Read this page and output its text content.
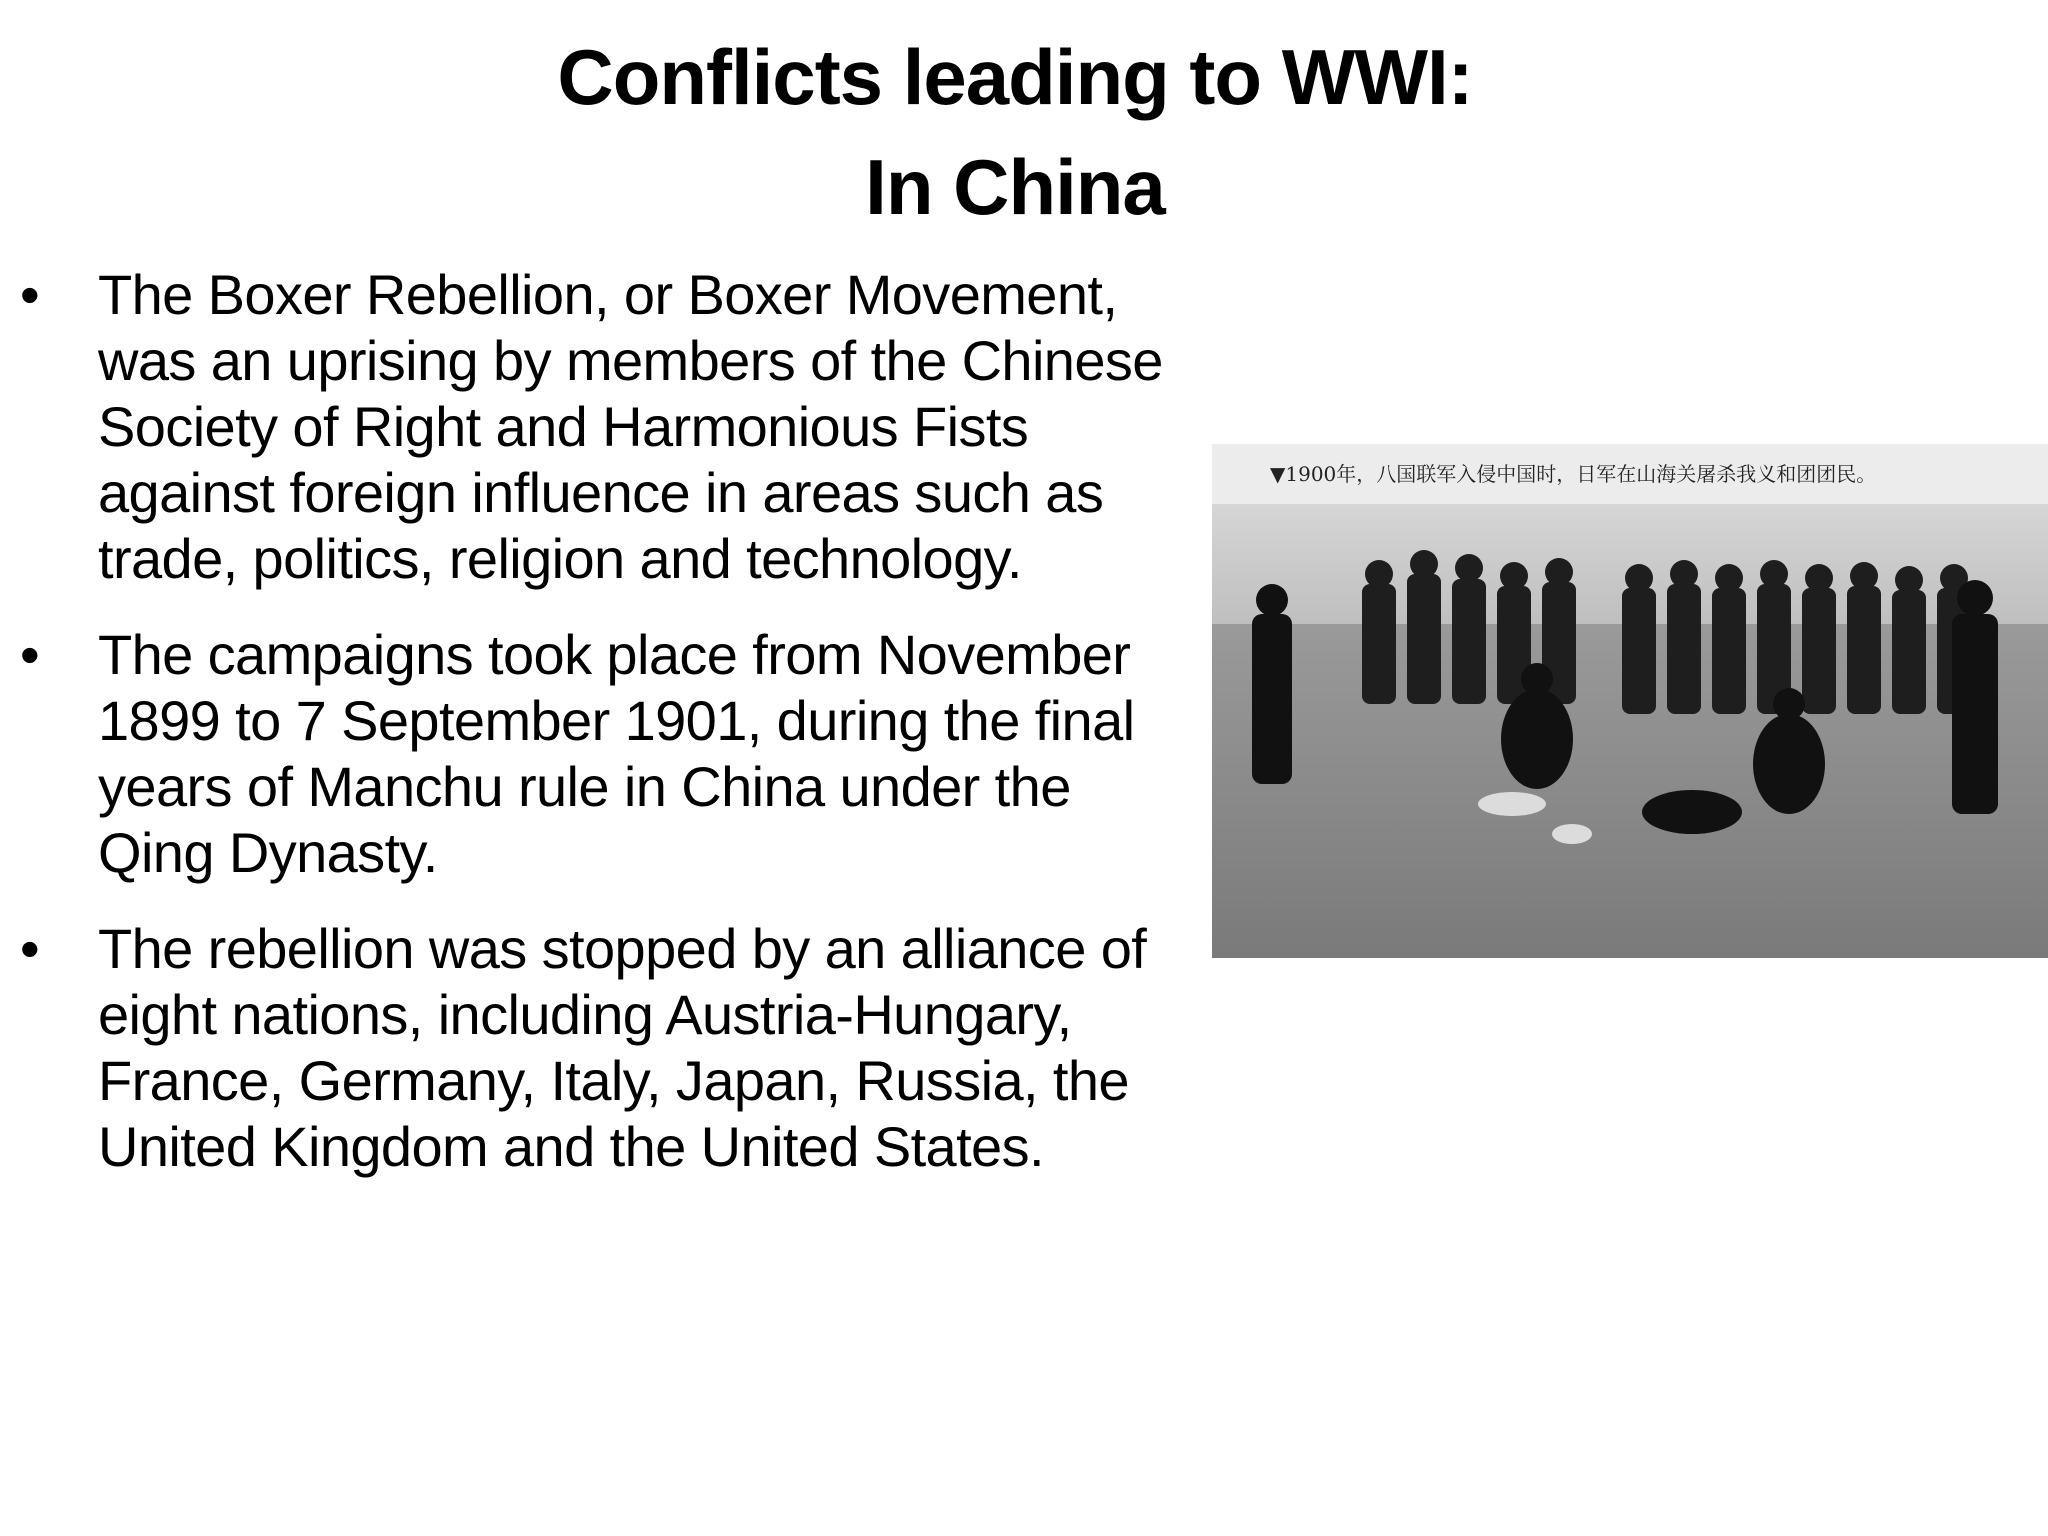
Conflicts leading to WWI:
In China
•	The Boxer Rebellion, or Boxer Movement, was an uprising by members of the Chinese Society of Right and Harmonious Fists against foreign influence in areas such as trade, politics, religion and technology.
•	The campaigns took place from November 1899 to 7 September 1901, during the final years of Manchu rule in China under the Qing Dynasty.
•	The rebellion was stopped by an alliance of eight nations, including Austria-Hungary, France, Germany, Italy, Japan, Russia, the United Kingdom and the United States.
▼1900年，八国联军入侵中国时，日军在山海关屠杀我义和团团民。
